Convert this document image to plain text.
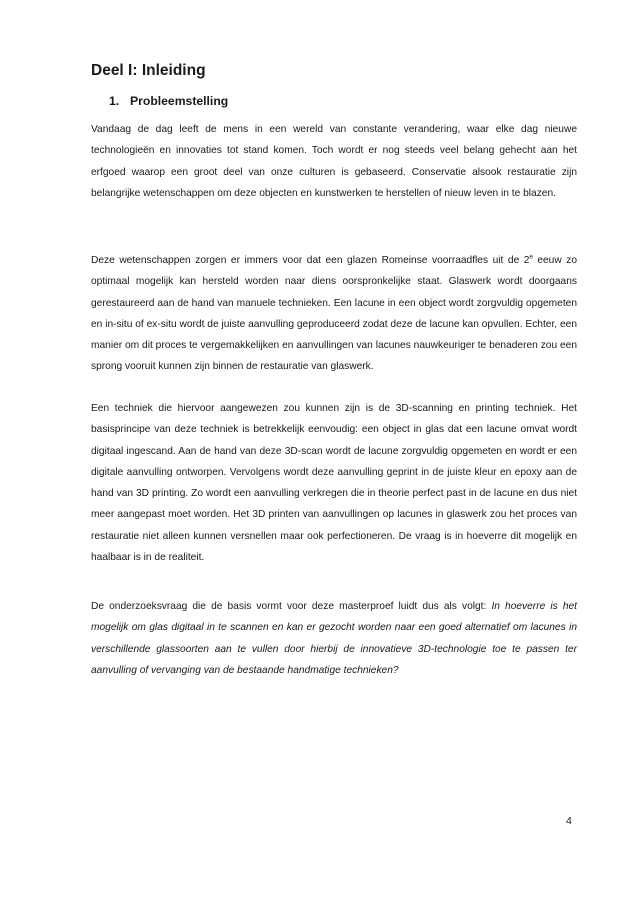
Deel I: Inleiding
1. Probleemstelling

Vandaag de dag leeft de mens in een wereld van constante verandering, waar elke dag nieuwe technologieën en innovaties tot stand komen. Toch wordt er nog steeds veel belang gehecht aan het erfgoed waarop een groot deel van onze culturen is gebaseerd. Conservatie alsook restauratie zijn belangrijke wetenschappen om deze objecten en kunstwerken te herstellen of nieuw leven in te blazen.

Deze wetenschappen zorgen er immers voor dat een glazen Romeinse voorraadfles uit de 2e eeuw zo optimaal mogelijk kan hersteld worden naar diens oorspronkelijke staat. Glaswerk wordt doorgaans gerestaureerd aan de hand van manuele technieken. Een lacune in een object wordt zorgvuldig opgemeten en in-situ of ex-situ wordt de juiste aanvulling geproduceerd zodat deze de lacune kan opvullen. Echter, een manier om dit proces te vergemakkelijken en aanvullingen van lacunes nauwkeuriger te benaderen zou een sprong vooruit kunnen zijn binnen de restauratie van glaswerk.

Een techniek die hiervoor aangewezen zou kunnen zijn is de 3D-scanning en printing techniek. Het basisprincipe van deze techniek is betrekkelijk eenvoudig: een object in glas dat een lacune omvat wordt digitaal ingescand. Aan de hand van deze 3D-scan wordt de lacune zorgvuldig opgemeten en wordt er een digitale aanvulling ontworpen. Vervolgens wordt deze aanvulling geprint in de juiste kleur en epoxy aan de hand van 3D printing. Zo wordt een aanvulling verkregen die in theorie perfect past in de lacune en dus niet meer aangepast moet worden. Het 3D printen van aanvullingen op lacunes in glaswerk zou het proces van restauratie niet alleen kunnen versnellen maar ook perfectioneren. De vraag is in hoeverre dit mogelijk en haalbaar is in de realiteit.

De onderzoeksvraag die de basis vormt voor deze masterproef luidt dus als volgt: In hoeverre is het mogelijk om glas digitaal in te scannen en kan er gezocht worden naar een goed alternatief om lacunes in verschillende glassoorten aan te vullen door hierbij de innovatieve 3D-technologie toe te passen ter aanvulling of vervanging van de bestaande handmatige technieken?

4
